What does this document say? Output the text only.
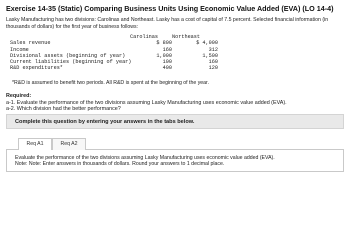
Exercise 14-35 (Static) Comparing Business Units Using Economic Value Added (EVA) (LO 14-4)
Lasky Manufacturing has two divisions: Carolinas and Northeast. Lasky has a cost of capital of 7.5 percent. Selected financial information (in thousands of dollars) for the first year of business follows:
Carolinas	Northeast
Sales revenue	$ 800	$ 4,000
Income	160	312
Divisional assets (beginning of year)	1,000	1,500
Current liabilities (beginning of year)	100	160
R&D expenditures*	400	120
*R&D is assumed to benefit two periods. All R&D is spent at the beginning of the year.
Required:
a-1. Evaluate the performance of the two divisions assuming Lasky Manufacturing uses economic value added (EVA).
a-2. Which division had the better performance?
Complete this question by entering your answers in the tabs below.
Req A1	Req A2
Evaluate the performance of the two divisions assuming Lasky Manufacturing uses economic value added (EVA).
Note: Note: Enter answers in thousands of dollars. Round your answers to 1 decimal place.
